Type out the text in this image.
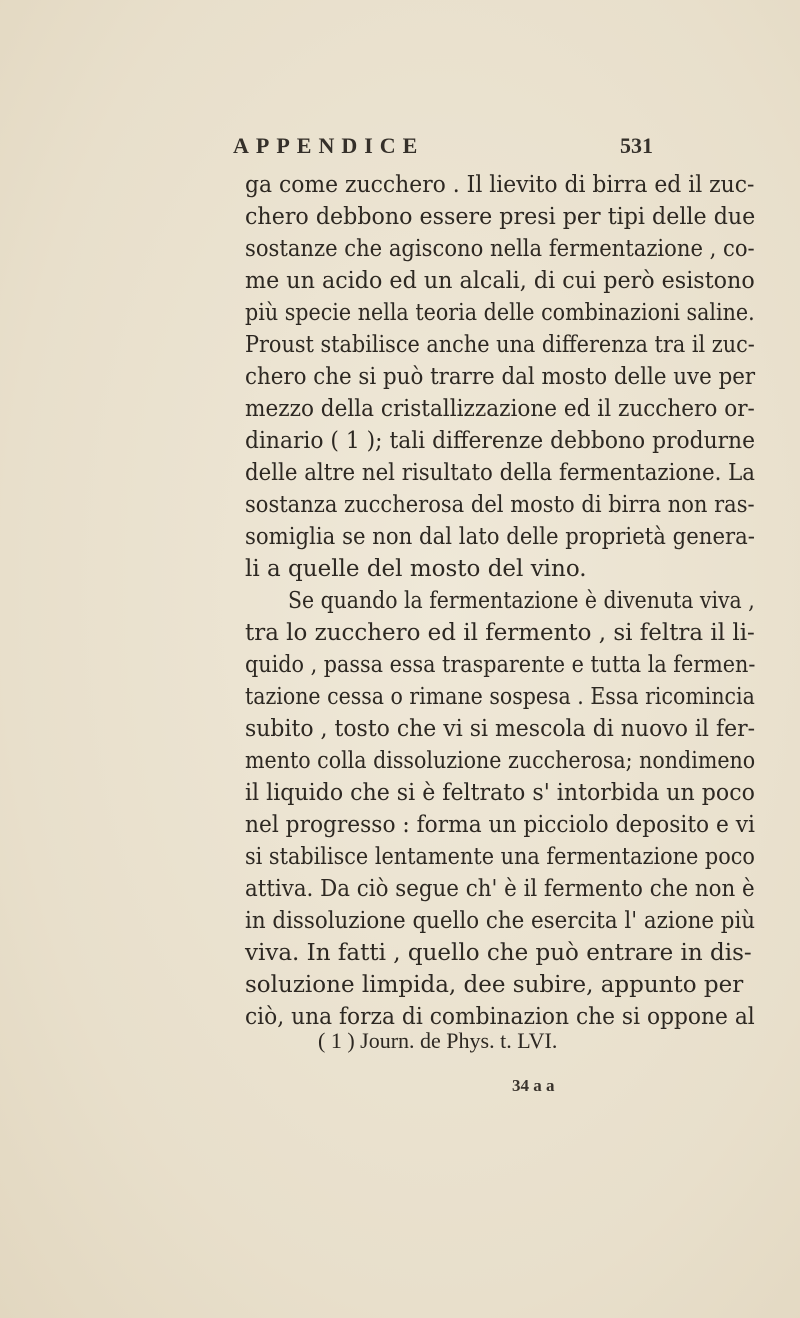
APPENDICE	531
ga come zucchero . Il lievito di birra ed il zuc-
chero debbono essere presi per tipi delle due
sostanze che agiscono nella fermentazione , co-
me un acido ed un alcali, di cui però esistono
più specie nella teoria delle combinazioni saline.
Proust stabilisce anche una differenza tra il zuc-
chero che si può trarre dal mosto delle uve per
mezzo della cristallizzazione ed il zucchero or-
dinario ( 1 ); tali differenze debbono produrne
delle altre nel risultato della fermentazione. La
sostanza zuccherosa del mosto di birra non ras-
somiglia se non dal lato delle proprietà genera-
li a quelle del mosto del vino.
Se quando la fermentazione è divenuta viva ,
tra lo zucchero ed il fermento , si feltra il li-
quido , passa essa trasparente e tutta la fermen-
tazione cessa o rimane sospesa . Essa ricomincia
subito , tosto che vi si mescola di nuovo il fer-
mento colla dissoluzione zuccherosa; nondimeno
il liquido che si è feltrato s' intorbida un poco
nel progresso : forma un picciolo deposito e vi
si stabilisce lentamente una fermentazione poco
attiva. Da ciò segue ch' è il fermento che non è
in dissoluzione quello che esercita l' azione più
viva. In fatti , quello che può entrare in dis-
soluzione limpida, dee subire, appunto per
ciò, una forza di combinazion che si oppone al
( 1 ) Journ. de Phys. t. LVI.
34 a a
